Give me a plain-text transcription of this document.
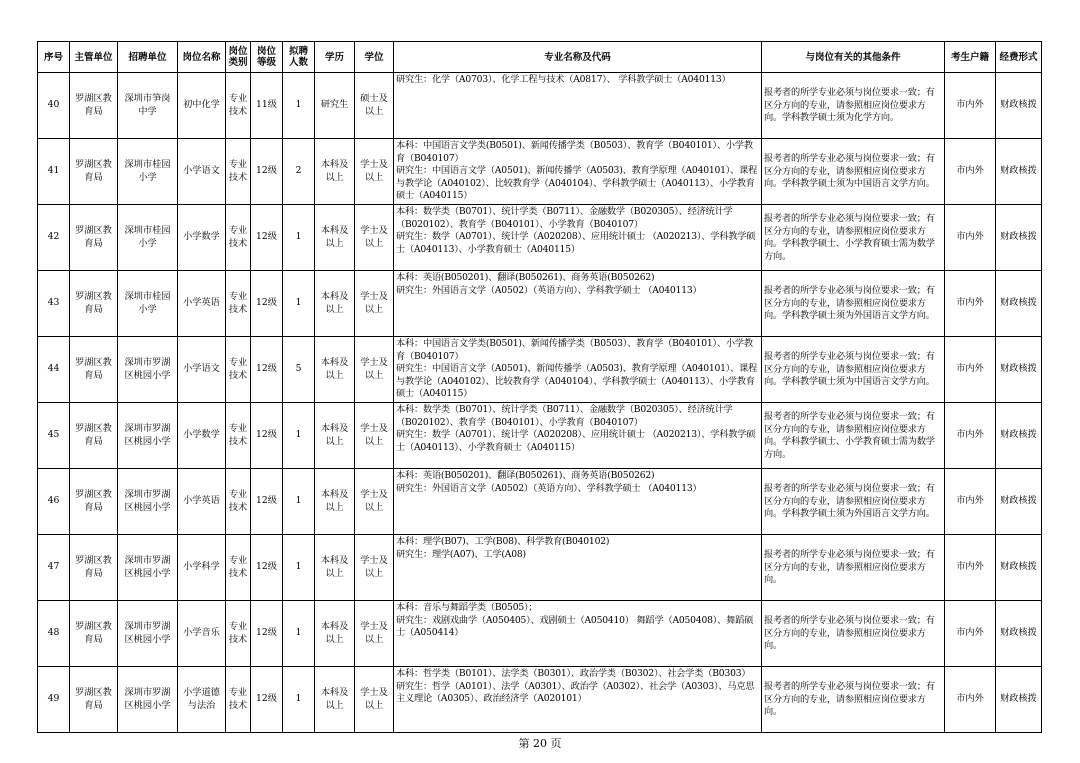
序号	主管单位	招聘单位	岗位名称	岗位类别	岗位等级	拟聘人数	学历	学位	专业名称及代码	与岗位有关的其他条件	考生户籍	经费形式
40	罗湖区教育局	深圳市笋岗中学	初中化学	专业技术	11级	1	研究生	硕士及以上	研究生：化学（A0703）、化学工程与技术（A0817）、 学科教学硕士（A040113）	报考者的所学专业必须与岗位要求一致；有区分方向的专业，请参照相应岗位要求方向。学科教学硕士须为化学方向。	市内外	财政核拨
41	罗湖区教育局	深圳市桂园小学	小学语文	专业技术	12级	2	本科及以上	学士及以上	本科：中国语言文学类(B0501)、新闻传播学类（B0503）、教育学（B040101）、小学教育（B040107）
研究生：中国语言文学（A0501)、新闻传播学（A0503)、教育学原理（A040101）、课程与教学论（A040102）、比较教育学（A040104）、学科教学硕士（A040113）、小学教育硕士（A040115）	报考者的所学专业必须与岗位要求一致；有区分方向的专业，请参照相应岗位要求方向。学科教学硕士须为中国语言文学方向。	市内外	财政核拨
42	罗湖区教育局	深圳市桂园小学	小学数学	专业技术	12级	1	本科及以上	学士及以上	本科：数学类（B0701）、统计学类（B0711）、金融数学（B020305）、经济统计学（B020102）、教育学（B040101）、小学教育（B040107）
研究生：数学（A0701）、统计学（A020208）、应用统计硕士 （A020213）、学科教学硕士（A040113）、小学教育硕士（A040115）	报考者的所学专业必须与岗位要求一致；有区分方向的专业，请参照相应岗位要求方向。学科教学硕士、小学教育硕士需为数学方向。	市内外	财政核拨
43	罗湖区教育局	深圳市桂园小学	小学英语	专业技术	12级	1	本科及以上	学士及以上	本科：英语(B050201)、翻译(B050261)、商务英语(B050262)
研究生：外国语言文学（A0502）（英语方向）、学科教学硕士 （A040113）	报考者的所学专业必须与岗位要求一致；有区分方向的专业，请参照相应岗位要求方向。学科教学硕士须为外国语言文学方向。	市内外	财政核拨
44	罗湖区教育局	深圳市罗湖区桃园小学	小学语文	专业技术	12级	5	本科及以上	学士及以上	本科：中国语言文学类(B0501)、新闻传播学类（B0503）、教育学（B040101）、小学教育（B040107）
研究生：中国语言文学（A0501)、新闻传播学（A0503)、教育学原理（A040101）、课程与教学论（A040102）、比较教育学（A040104）、学科教学硕士（A040113）、小学教育硕士（A040115）	报考者的所学专业必须与岗位要求一致；有区分方向的专业，请参照相应岗位要求方向。学科教学硕士须为中国语言文学方向。	市内外	财政核拨
45	罗湖区教育局	深圳市罗湖区桃园小学	小学数学	专业技术	12级	1	本科及以上	学士及以上	本科：数学类（B0701）、统计学类（B0711）、金融数学（B020305）、经济统计学（B020102）、教育学（B040101）、小学教育（B040107）
研究生：数学（A0701）、统计学（A020208）、应用统计硕士 （A020213）、学科教学硕士（A040113）、小学教育硕士（A040115）	报考者的所学专业必须与岗位要求一致；有区分方向的专业，请参照相应岗位要求方向。学科教学硕士、小学教育硕士需为数学方向。	市内外	财政核拨
46	罗湖区教育局	深圳市罗湖区桃园小学	小学英语	专业技术	12级	1	本科及以上	学士及以上	本科：英语(B050201)、翻译(B050261)、商务英语(B050262)
研究生：外国语言文学（A0502）（英语方向）、学科教学硕士 （A040113）	报考者的所学专业必须与岗位要求一致；有区分方向的专业，请参照相应岗位要求方向。学科教学硕士须为外国语言文学方向。	市内外	财政核拨
47	罗湖区教育局	深圳市罗湖区桃园小学	小学科学	专业技术	12级	1	本科及以上	学士及以上	本科：理学(B07)、工学(B08)、科学教育(B040102)
研究生：理学(A07)、工学(A08)	报考者的所学专业必须与岗位要求一致；有区分方向的专业，请参照相应岗位要求方向。	市内外	财政核拨
48	罗湖区教育局	深圳市罗湖区桃园小学	小学音乐	专业技术	12级	1	本科及以上	学士及以上	本科：音乐与舞蹈学类（B0505）；
研究生：戏剧戏曲学（A050405）、戏剧硕士（A050410） 舞蹈学（A050408）、舞蹈硕士（A050414）	报考者的所学专业必须与岗位要求一致；有区分方向的专业，请参照相应岗位要求方向。	市内外	财政核拨
49	罗湖区教育局	深圳市罗湖区桃园小学	小学道德与法治	专业技术	12级	1	本科及以上	学士及以上	本科：哲学类（B0101）、法学类（B0301）、政治学类（B0302）、社会学类（B0303）
研究生：哲学（A0101）、法学（A0301）、政治学（A0302）、社会学（A0303）、马克思主义理论（A0305）、政治经济学（A020101）	报考者的所学专业必须与岗位要求一致；有区分方向的专业，请参照相应岗位要求方向。	市内外	财政核拨
第 20 页
